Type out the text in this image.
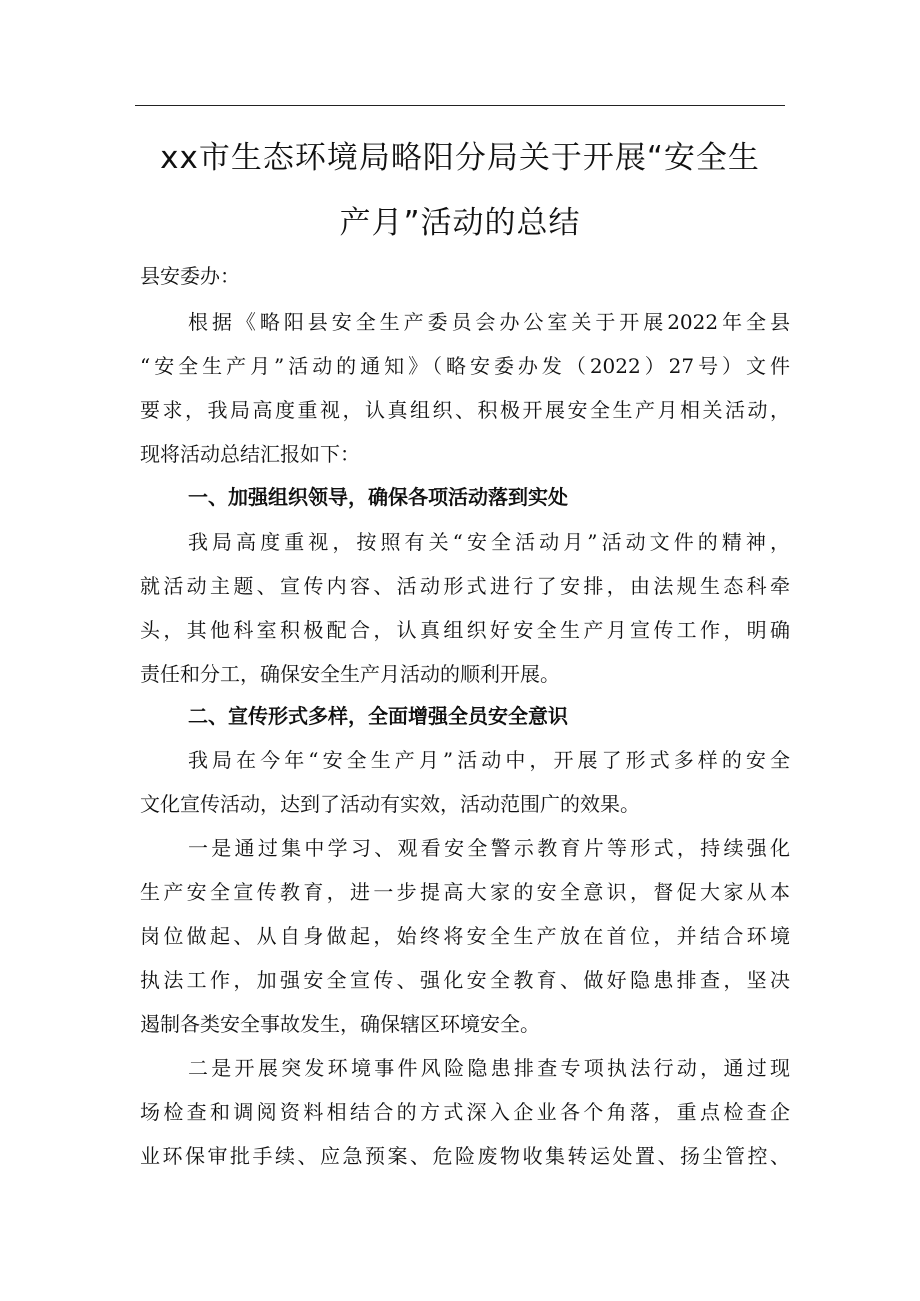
xx市生态环境局略阳分局关于开展“安全生
产月”活动的总结
县安委办：
根据《略阳县安全生产委员会办公室关于开展2022年全县
“安全生产月”活动的通知》（略安委办发（2022）27号）文件
要求，我局高度重视，认真组织、积极开展安全生产月相关活动，
现将活动总结汇报如下：
一、加强组织领导，确保各项活动落到实处
我局高度重视，按照有关“安全活动月”活动文件的精神，
就活动主题、宣传内容、活动形式进行了安排，由法规生态科牵
头，其他科室积极配合，认真组织好安全生产月宣传工作，明确
责任和分工，确保安全生产月活动的顺利开展。
二、宣传形式多样，全面增强全员安全意识
我局在今年“安全生产月”活动中，开展了形式多样的安全
文化宣传活动，达到了活动有实效，活动范围广的效果。
一是通过集中学习、观看安全警示教育片等形式，持续强化
生产安全宣传教育，进一步提高大家的安全意识，督促大家从本
岗位做起、从自身做起，始终将安全生产放在首位，并结合环境
执法工作，加强安全宣传、强化安全教育、做好隐患排查，坚决
遏制各类安全事故发生，确保辖区环境安全。
二是开展突发环境事件风险隐患排查专项执法行动，通过现
场检查和调阅资料相结合的方式深入企业各个角落，重点检查企
业环保审批手续、应急预案、危险废物收集转运处置、扬尘管控、
